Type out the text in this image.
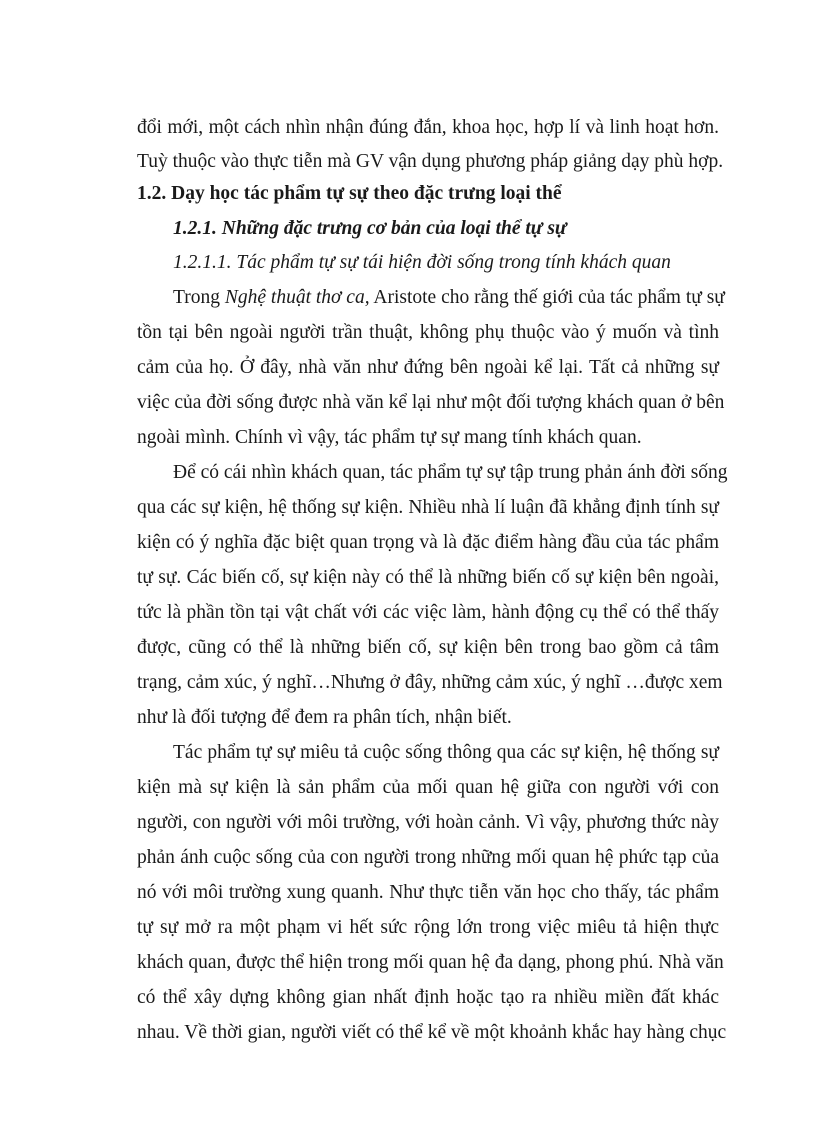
đổi mới, một cách nhìn nhận đúng đắn, khoa học, hợp lí và linh hoạt hơn.
Tuỳ thuộc vào thực tiễn mà GV vận dụng phương pháp giảng dạy phù hợp.
1.2. Dạy học tác phẩm tự sự theo đặc trưng loại thể
1.2.1. Những đặc trưng cơ bản của loại thể tự sự
1.2.1.1. Tác phẩm tự sự tái hiện đời sống trong tính khách quan
Trong Nghệ thuật thơ ca, Aristote cho rằng thế giới của tác phẩm tự sự
tồn tại bên ngoài người trần thuật, không phụ thuộc vào ý muốn và tình
cảm của họ. Ở đây, nhà văn như đứng bên ngoài kể lại. Tất cả những sự
việc của đời sống được nhà văn kể lại như một đối tượng khách quan ở bên
ngoài mình. Chính vì vậy, tác phẩm tự sự mang tính khách quan.
Để có cái nhìn khách quan, tác phẩm tự sự tập trung phản ánh đời sống
qua các sự kiện, hệ thống sự kiện. Nhiều nhà lí luận đã khẳng định tính sự
kiện có ý nghĩa đặc biệt quan trọng và là đặc điểm hàng đầu của tác phẩm
tự sự. Các biến cố, sự kiện này có thể là những biến cố sự kiện bên ngoài,
tức là phần tồn tại vật chất với các việc làm, hành động cụ thể có thể thấy
được, cũng có thể là những biến cố, sự kiện bên trong bao gồm cả tâm
trạng, cảm xúc, ý nghĩ…Nhưng ở đây, những cảm xúc, ý nghĩ …được xem
như là đối tượng để đem ra phân tích, nhận biết.
Tác phẩm tự sự miêu tả cuộc sống thông qua các sự kiện, hệ thống sự
kiện mà sự kiện là sản phẩm của mối quan hệ giữa con người với con
người, con người với môi trường, với hoàn cảnh. Vì vậy, phương thức này
phản ánh cuộc sống của con người trong những mối quan hệ phức tạp của
nó với môi trường xung quanh. Như thực tiễn văn học cho thấy, tác phẩm
tự sự mở ra một phạm vi hết sức rộng lớn trong việc miêu tả hiện thực
khách quan, được thể hiện trong mối quan hệ đa dạng, phong phú. Nhà văn
có thể xây dựng không gian nhất định hoặc tạo ra nhiều miền đất khác
nhau. Về thời gian, người viết có thể kể về một khoảnh khắc hay hàng chục
